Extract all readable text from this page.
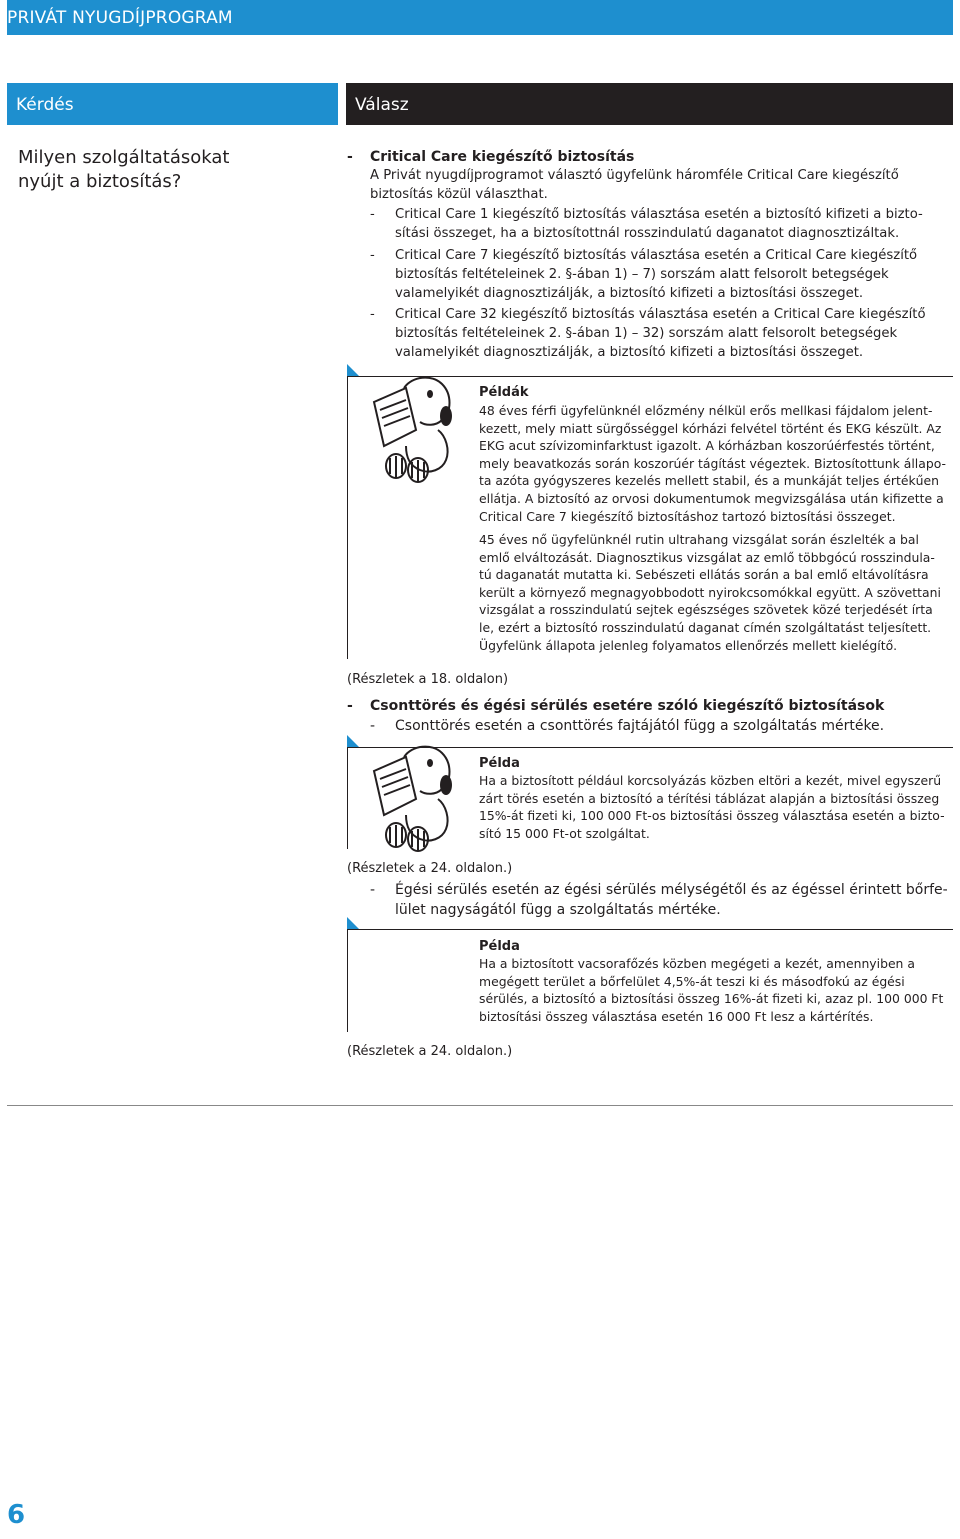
PRIVÁT NYUGDÍJPROGRAM
Kérdés	Válasz
Milyen szolgáltatásokat
nyújt a biztosítás?
- Critical Care kiegészítő biztosítás
A Privát nyugdíjprogramot választó ügyfelünk háromféle Critical Care kiegészítő
biztosítás közül választhat.
- Critical Care 1 kiegészítő biztosítás választása esetén a biztosító kifizeti a bizto-
sítási összeget, ha a biztosítottnál rosszindulatú daganatot diagnosztizáltak.
- Critical Care 7 kiegészítő biztosítás választása esetén a Critical Care kiegészítő
biztosítás feltételeinek 2. §-ában 1) – 7) sorszám alatt felsorolt betegségek
valamelyikét diagnosztizálják, a biztosító kifizeti a biztosítási összeget.
- Critical Care 32 kiegészítő biztosítás választása esetén a Critical Care kiegészítő
biztosítás feltételeinek 2. §-ában 1) – 32) sorszám alatt felsorolt betegségek
valamelyikét diagnosztizálják, a biztosító kifizeti a biztosítási összeget.
Példák
48 éves férfi ügyfelünknél előzmény nélkül erős mellkasi fájdalom jelent-
kezett, mely miatt sürgősséggel kórházi felvétel történt és EKG készült. Az
EKG acut szívizominfarktust igazolt. A kórházban koszorúérfestés történt,
mely beavatkozás során koszorúér tágítást végeztek. Biztosítottunk állapo-
ta azóta gyógyszeres kezelés mellett stabil, és a munkáját teljes értékűen
ellátja. A biztosító az orvosi dokumentumok megvizsgálása után kifizette a
Critical Care 7 kiegészítő biztosításhoz tartozó biztosítási összeget.
45 éves nő ügyfelünknél rutin ultrahang vizsgálat során észlelték a bal
emlő elváltozását. Diagnosztikus vizsgálat az emlő többgócú rosszindula-
tú daganatát mutatta ki. Sebészeti ellátás során a bal emlő eltávolításra
került a környező megnagyobbodott nyirokcsomókkal együtt. A szövettani
vizsgálat a rosszindulatú sejtek egészséges szövetek közé terjedését írta
le, ezért a biztosító rosszindulatú daganat címén szolgáltatást teljesített.
Ügyfelünk állapota jelenleg folyamatos ellenőrzés mellett kielégítő.
(Részletek a 18. oldalon)
- Csonttörés és égési sérülés esetére szóló kiegészítő biztosítások
- Csonttörés esetén a csonttörés fajtájától függ a szolgáltatás mértéke.
Példa
Ha a biztosított például korcsolyázás közben eltöri a kezét, mivel egyszerű
zárt törés esetén a biztosító a térítési táblázat alapján a biztosítási összeg
15%-át fizeti ki, 100 000 Ft-os biztosítási összeg választása esetén a bizto-
sító 15 000 Ft-ot szolgáltat.
(Részletek a 24. oldalon.)
- Égési sérülés esetén az égési sérülés mélységétől és az égéssel érintett bőrfe-
lület nagyságától függ a szolgáltatás mértéke.
Példa
Ha a biztosított vacsorafőzés közben megégeti a kezét, amennyiben a
megégett terület a bőrfelület 4,5%-át teszi ki és másodfokú az égési
sérülés, a biztosító a biztosítási összeg 16%-át fizeti ki, azaz pl. 100 000 Ft
biztosítási összeg választása esetén 16 000 Ft lesz a kártérítés.
(Részletek a 24. oldalon.)
6
